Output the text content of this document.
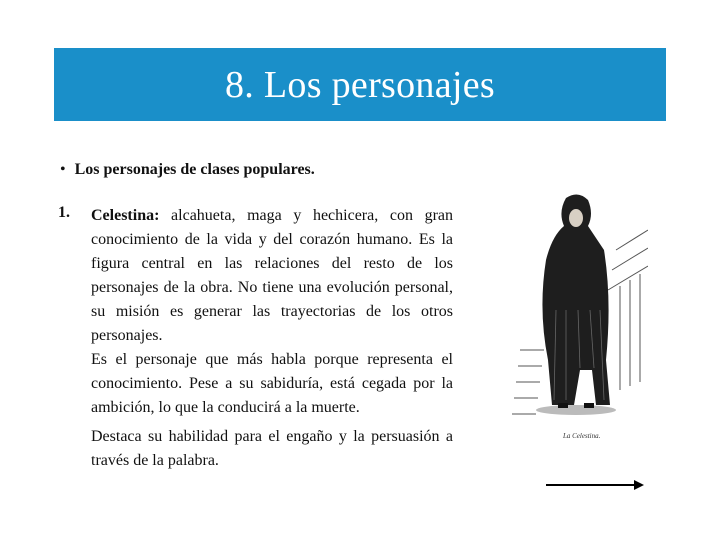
8. Los personajes
• Los personajes de clases populares.
1. Celestina: alcahueta, maga y hechicera, con gran conocimiento de la vida y del corazón humano. Es la figura central en las relaciones del resto de los personajes de la obra. No tiene una evolución personal, su misión es generar las trayectorias de los otros personajes.
Es el personaje que más habla porque representa el conocimiento. Pese a su sabiduría, está cegada por la ambición, lo que la conducirá a la muerte.
Destaca su habilidad para el engaño y la persuasión a través de la palabra.
La Celestina.
